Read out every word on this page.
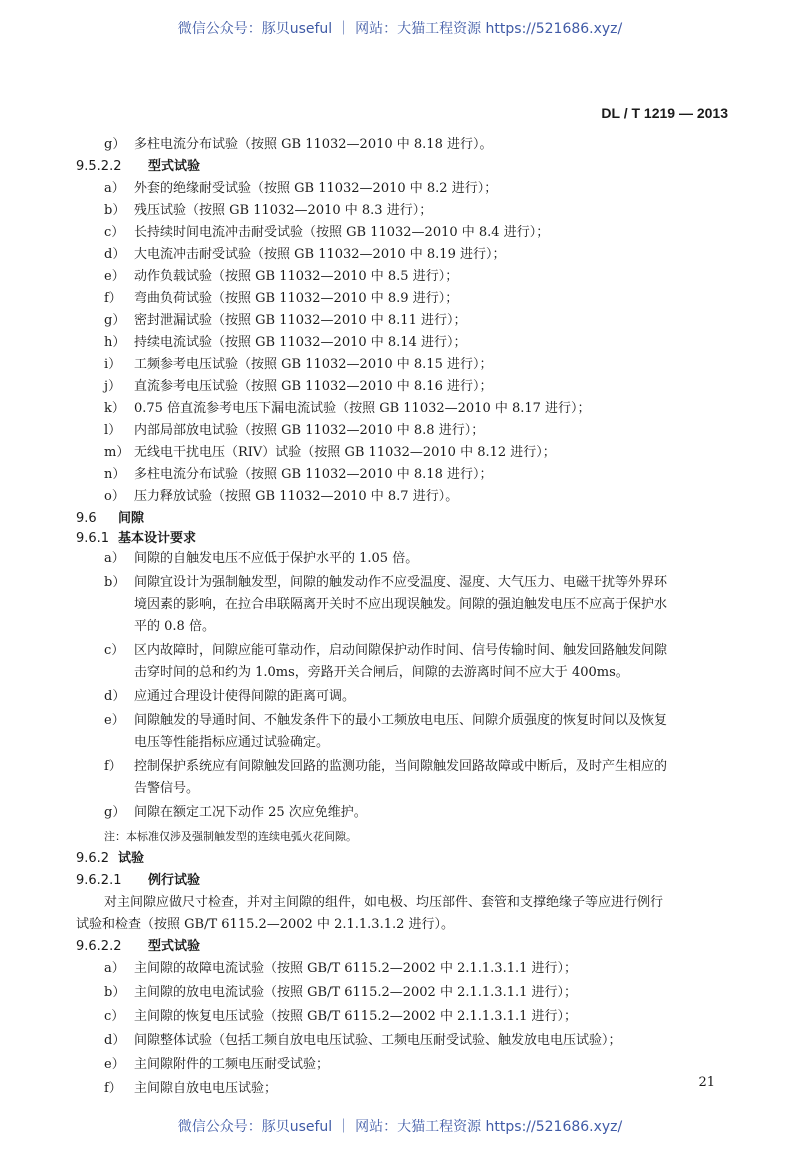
微信公众号：豚贝useful ｜ 网站：大猫工程资源 https://521686.xyz/
DL / T 1219 — 2013
g） 多柱电流分布试验（按照 GB 11032—2010 中 8.18 进行）。
9.5.2.2 型式试验
a） 外套的绝缘耐受试验（按照 GB 11032—2010 中 8.2 进行）；
b） 残压试验（按照 GB 11032—2010 中 8.3 进行）；
c） 长持续时间电流冲击耐受试验（按照 GB 11032—2010 中 8.4 进行）；
d） 大电流冲击耐受试验（按照 GB 11032—2010 中 8.19 进行）；
e） 动作负载试验（按照 GB 11032—2010 中 8.5 进行）；
f） 弯曲负荷试验（按照 GB 11032—2010 中 8.9 进行）；
g） 密封泄漏试验（按照 GB 11032—2010 中 8.11 进行）；
h） 持续电流试验（按照 GB 11032—2010 中 8.14 进行）；
i） 工频参考电压试验（按照 GB 11032—2010 中 8.15 进行）；
j） 直流参考电压试验（按照 GB 11032—2010 中 8.16 进行）；
k） 0.75 倍直流参考电压下漏电流试验（按照 GB 11032—2010 中 8.17 进行）；
l） 内部局部放电试验（按照 GB 11032—2010 中 8.8 进行）；
m） 无线电干扰电压（RIV）试验（按照 GB 11032—2010 中 8.12 进行）；
n） 多柱电流分布试验（按照 GB 11032—2010 中 8.18 进行）；
o） 压力释放试验（按照 GB 11032—2010 中 8.7 进行）。
9.6 间隙
9.6.1 基本设计要求
a） 间隙的自触发电压不应低于保护水平的 1.05 倍。
b） 间隙宜设计为强制触发型，间隙的触发动作不应受温度、湿度、大气压力、电磁干扰等外界环
境因素的影响，在拉合串联隔离开关时不应出现误触发。间隙的强迫触发电压不应高于保护水
平的 0.8 倍。
c） 区内故障时，间隙应能可靠动作，启动间隙保护动作时间、信号传输时间、触发回路触发间隙
击穿时间的总和约为 1.0ms，旁路开关合闸后，间隙的去游离时间不应大于 400ms。
d） 应通过合理设计使得间隙的距离可调。
e） 间隙触发的导通时间、不触发条件下的最小工频放电电压、间隙介质强度的恢复时间以及恢复
电压等性能指标应通过试验确定。
f） 控制保护系统应有间隙触发回路的监测功能，当间隙触发回路故障或中断后，及时产生相应的
告警信号。
g） 间隙在额定工况下动作 25 次应免维护。
注：本标准仅涉及强制触发型的连续电弧火花间隙。
9.6.2 试验
9.6.2.1 例行试验
对主间隙应做尺寸检查，并对主间隙的组件，如电极、均压部件、套管和支撑绝缘子等应进行例行
试验和检查（按照 GB/T 6115.2—2002 中 2.1.1.3.1.2 进行）。
9.6.2.2 型式试验
a） 主间隙的故障电流试验（按照 GB/T 6115.2—2002 中 2.1.1.3.1.1 进行）；
b） 主间隙的放电电流试验（按照 GB/T 6115.2—2002 中 2.1.1.3.1.1 进行）；
c） 主间隙的恢复电压试验（按照 GB/T 6115.2—2002 中 2.1.1.3.1.1 进行）；
d） 间隙整体试验（包括工频自放电电压试验、工频电压耐受试验、触发放电电压试验）；
e） 主间隙附件的工频电压耐受试验；
f） 主间隙自放电电压试验；	21
微信公众号：豚贝useful ｜ 网站：大猫工程资源 https://521686.xyz/
